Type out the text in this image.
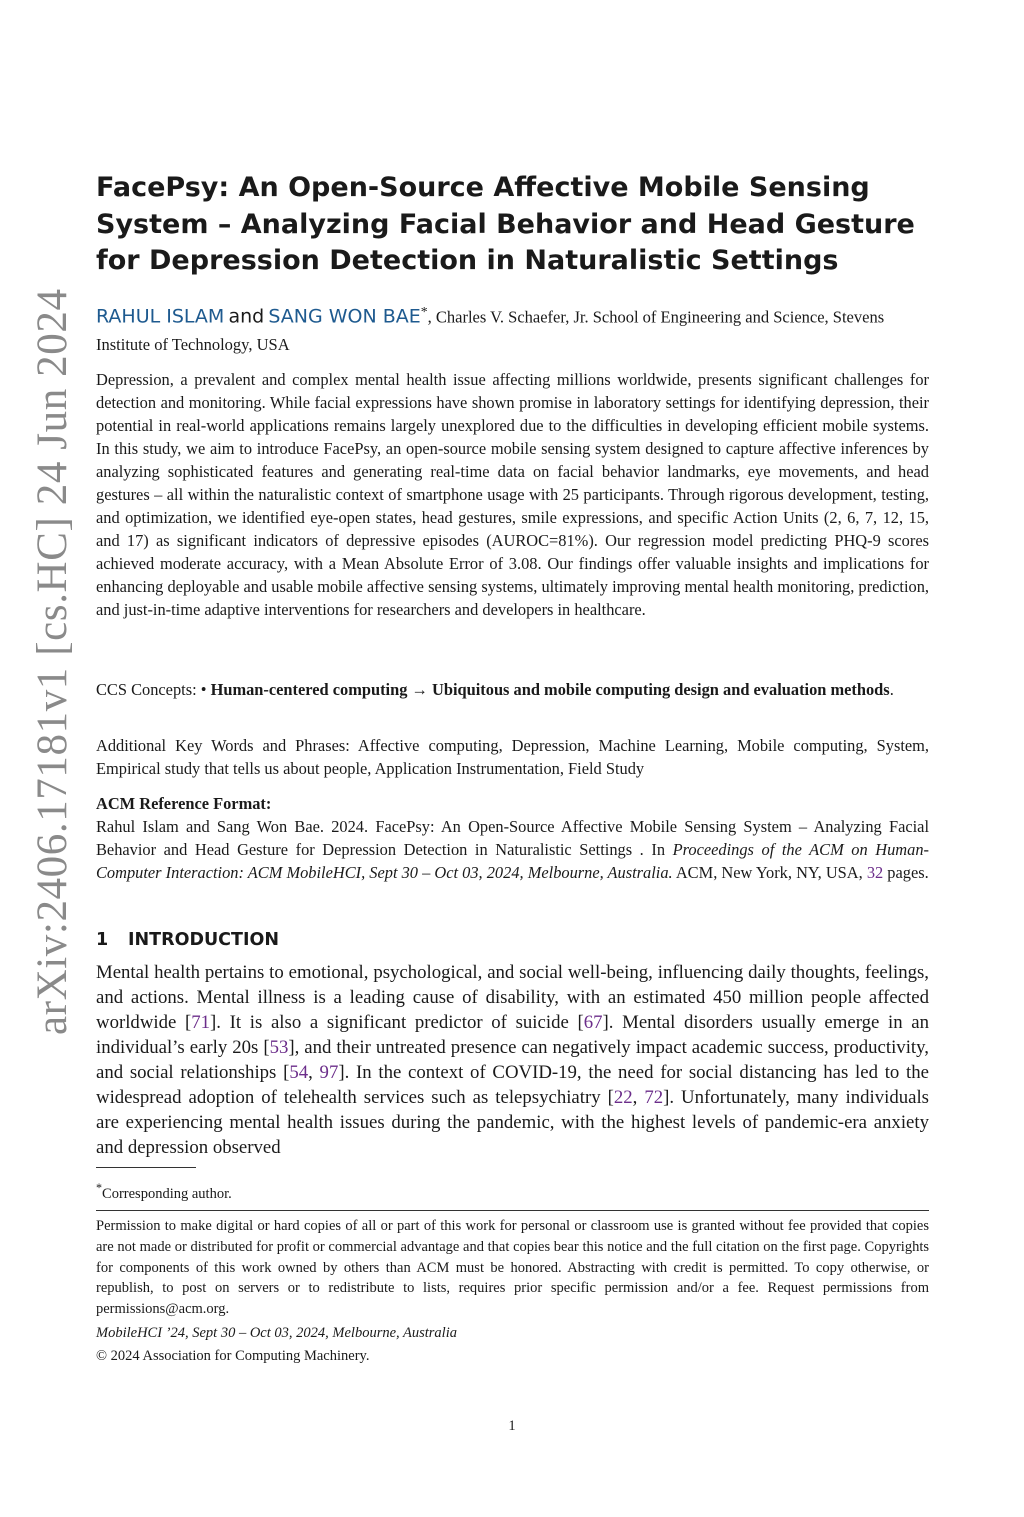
arXiv:2406.17181v1 [cs.HC] 24 Jun 2024
FacePsy: An Open-Source Affective Mobile Sensing System – Analyzing Facial Behavior and Head Gesture for Depression Detection in Naturalistic Settings
RAHUL ISLAM and SANG WON BAE*, Charles V. Schaefer, Jr. School of Engineering and Science, Stevens Institute of Technology, USA

Depression, a prevalent and complex mental health issue affecting millions worldwide, presents significant challenges for detection and monitoring. While facial expressions have shown promise in laboratory settings for identifying depression, their potential in real-world applications remains largely unexplored due to the difficulties in developing efficient mobile systems. In this study, we aim to introduce FacePsy, an open-source mobile sensing system designed to capture affective inferences by analyzing sophisticated features and generating real-time data on facial behavior landmarks, eye movements, and head gestures – all within the naturalistic context of smartphone usage with 25 participants. Through rigorous development, testing, and optimization, we identified eye-open states, head gestures, smile expressions, and specific Action Units (2, 6, 7, 12, 15, and 17) as significant indicators of depressive episodes (AUROC=81%). Our regression model predicting PHQ-9 scores achieved moderate accuracy, with a Mean Absolute Error of 3.08. Our findings offer valuable insights and implications for enhancing deployable and usable mobile affective sensing systems, ultimately improving mental health monitoring, prediction, and just-in-time adaptive interventions for researchers and developers in healthcare.

CCS Concepts: • Human-centered computing → Ubiquitous and mobile computing design and evaluation methods.

Additional Key Words and Phrases: Affective computing, Depression, Machine Learning, Mobile computing, System, Empirical study that tells us about people, Application Instrumentation, Field Study

ACM Reference Format:
Rahul Islam and Sang Won Bae. 2024. FacePsy: An Open-Source Affective Mobile Sensing System – Analyzing Facial Behavior and Head Gesture for Depression Detection in Naturalistic Settings . In Proceedings of the ACM on Human-Computer Interaction: ACM MobileHCI, Sept 30 – Oct 03, 2024, Melbourne, Australia. ACM, New York, NY, USA, 32 pages.

1 INTRODUCTION

Mental health pertains to emotional, psychological, and social well-being, influencing daily thoughts, feelings, and actions. Mental illness is a leading cause of disability, with an estimated 450 million people affected worldwide [71]. It is also a significant predictor of suicide [67]. Mental disorders usually emerge in an individual’s early 20s [53], and their untreated presence can negatively impact academic success, productivity, and social relationships [54, 97]. In the context of COVID-19, the need for social distancing has led to the widespread adoption of telehealth services such as telepsychiatry [22, 72]. Unfortunately, many individuals are experiencing mental health issues during the pandemic, with the highest levels of pandemic-era anxiety and depression observed

*Corresponding author.

Permission to make digital or hard copies of all or part of this work for personal or classroom use is granted without fee provided that copies are not made or distributed for profit or commercial advantage and that copies bear this notice and the full citation on the first page. Copyrights for components of this work owned by others than ACM must be honored. Abstracting with credit is permitted. To copy otherwise, or republish, to post on servers or to redistribute to lists, requires prior specific permission and/or a fee. Request permissions from permissions@acm.org.

MobileHCI ’24, Sept 30 – Oct 03, 2024, Melbourne, Australia

© 2024 Association for Computing Machinery.

1
